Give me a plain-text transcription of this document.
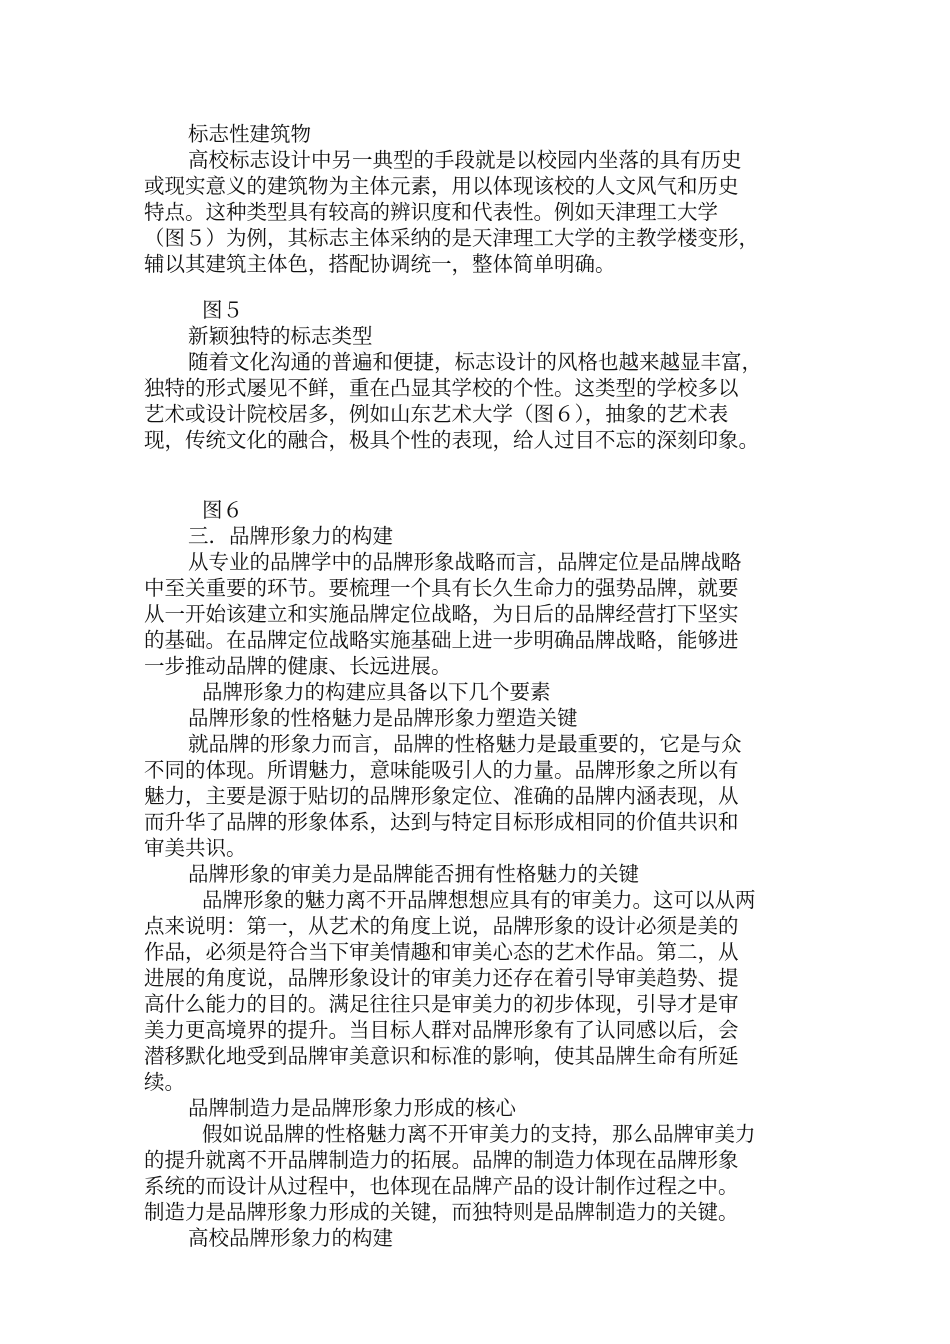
标志性建筑物
高校标志设计中另一典型的手段就是以校园内坐落的具有历史
或现实意义的建筑物为主体元素，用以体现该校的人文风气和历史
特点。这种类型具有较高的辨识度和代表性。例如天津理工大学
（图５）为例，其标志主体采纳的是天津理工大学的主教学楼变形，
辅以其建筑主体色，搭配协调统一，整体简单明确。
图５
新颖独特的标志类型
随着文化沟通的普遍和便捷，标志设计的风格也越来越显丰富，
独特的形式屡见不鲜，重在凸显其学校的个性。这类型的学校多以
艺术或设计院校居多，例如山东艺术大学（图６），抽象的艺术表
现，传统文化的融合，极具个性的表现，给人过目不忘的深刻印象。
图６
三．品牌形象力的构建
从专业的品牌学中的品牌形象战略而言，品牌定位是品牌战略
中至关重要的环节。要梳理一个具有长久生命力的强势品牌，就要
从一开始该建立和实施品牌定位战略，为日后的品牌经营打下坚实
的基础。在品牌定位战略实施基础上进一步明确品牌战略，能够进
一步推动品牌的健康、长远进展。
品牌形象力的构建应具备以下几个要素
品牌形象的性格魅力是品牌形象力塑造关键
就品牌的形象力而言，品牌的性格魅力是最重要的，它是与众
不同的体现。所谓魅力，意味能吸引人的力量。品牌形象之所以有
魅力，主要是源于贴切的品牌形象定位、准确的品牌内涵表现，从
而升华了品牌的形象体系，达到与特定目标形成相同的价值共识和
审美共识。
品牌形象的审美力是品牌能否拥有性格魅力的关键
品牌形象的魅力离不开品牌想想应具有的审美力。这可以从两
点来说明：第一，从艺术的角度上说，品牌形象的设计必须是美的
作品，必须是符合当下审美情趣和审美心态的艺术作品。第二，从
进展的角度说，品牌形象设计的审美力还存在着引导审美趋势、提
高什么能力的目的。满足往往只是审美力的初步体现，引导才是审
美力更高境界的提升。当目标人群对品牌形象有了认同感以后，会
潜移默化地受到品牌审美意识和标准的影响，使其品牌生命有所延
续。
品牌制造力是品牌形象力形成的核心
假如说品牌的性格魅力离不开审美力的支持，那么品牌审美力
的提升就离不开品牌制造力的拓展。品牌的制造力体现在品牌形象
系统的而设计从过程中，也体现在品牌产品的设计制作过程之中。
制造力是品牌形象力形成的关键，而独特则是品牌制造力的关键。
高校品牌形象力的构建
